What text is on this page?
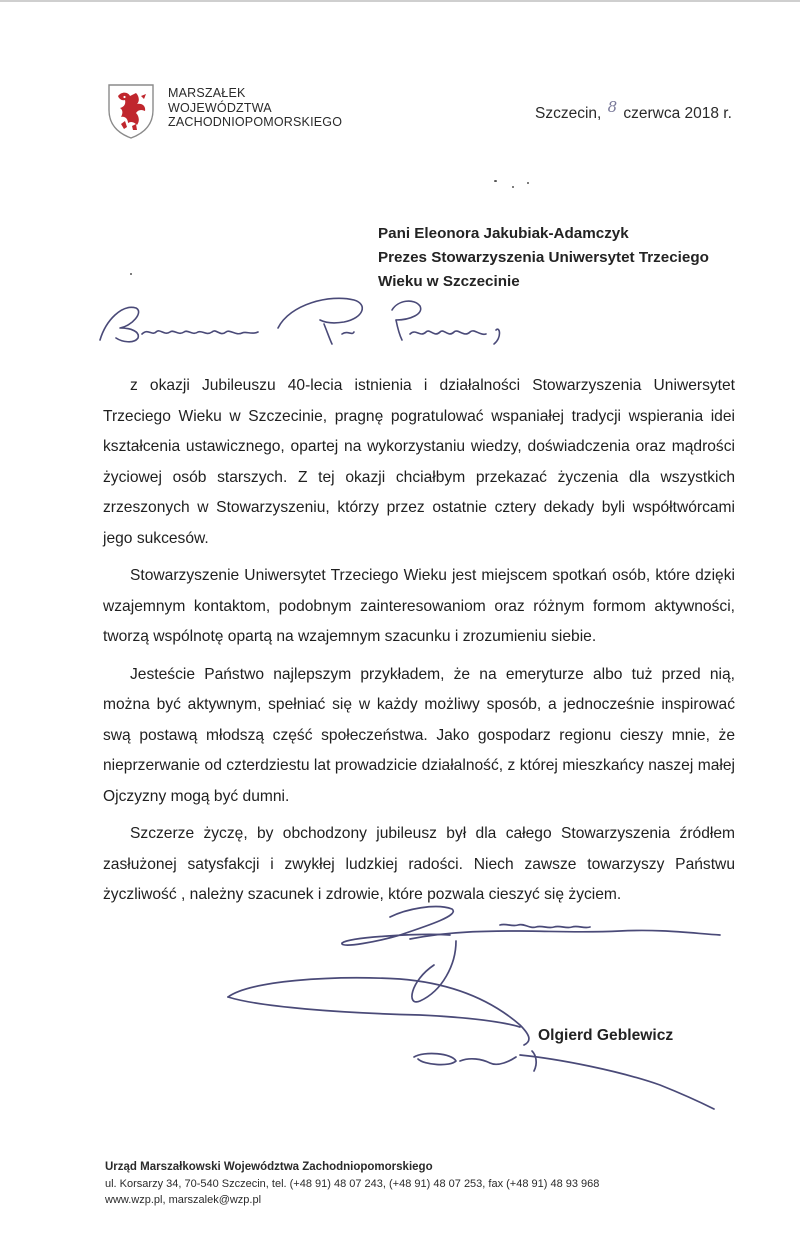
MARSZAŁEK
WOJEWÓDZTWA
ZACHODNIOPOMORSKIEGO	Szczecin, 8 czerwca 2018 r.
Pani Eleonora Jakubiak-Adamczyk
Prezes Stowarzyszenia Uniwersytet Trzeciego
Wieku w Szczecinie

z okazji Jubileuszu 40-lecia istnienia i działalności Stowarzyszenia Uniwersytet Trzeciego Wieku w Szczecinie, pragnę pogratulować wspaniałej tradycji wspierania idei kształcenia ustawicznego, opartej na wykorzystaniu wiedzy, doświadczenia oraz mądrości życiowej osób starszych. Z tej okazji chciałbym przekazać życzenia dla wszystkich zrzeszonych w Stowarzyszeniu, którzy przez ostatnie cztery dekady byli współtwórcami jego sukcesów.

Stowarzyszenie Uniwersytet Trzeciego Wieku jest miejscem spotkań osób, które dzięki wzajemnym kontaktom, podobnym zainteresowaniom oraz różnym formom aktywności, tworzą wspólnotę opartą na wzajemnym szacunku i zrozumieniu siebie.

Jesteście Państwo najlepszym przykładem, że na emeryturze albo tuż przed nią, można być aktywnym, spełniać się w każdy możliwy sposób, a jednocześnie inspirować swą postawą młodszą część społeczeństwa. Jako gospodarz regionu cieszy mnie, że nieprzerwanie od czterdziestu lat prowadzicie działalność, z której mieszkańcy naszej małej Ojczyzny mogą być dumni.

Szczerze życzę, by obchodzony jubileusz był dla całego Stowarzyszenia źródłem zasłużonej satysfakcji i zwykłej ludzkiej radości. Niech zawsze towarzyszy Państwu życzliwość , należny szacunek i zdrowie, które pozwala cieszyć się życiem.

Olgierd Geblewicz
Urząd Marszałkowski Województwa Zachodniopomorskiego
ul. Korsarzy 34, 70-540 Szczecin, tel. (+48 91) 48 07 243, (+48 91) 48 07 253, fax (+48 91) 48 93 968
www.wzp.pl, marszalek@wzp.pl
